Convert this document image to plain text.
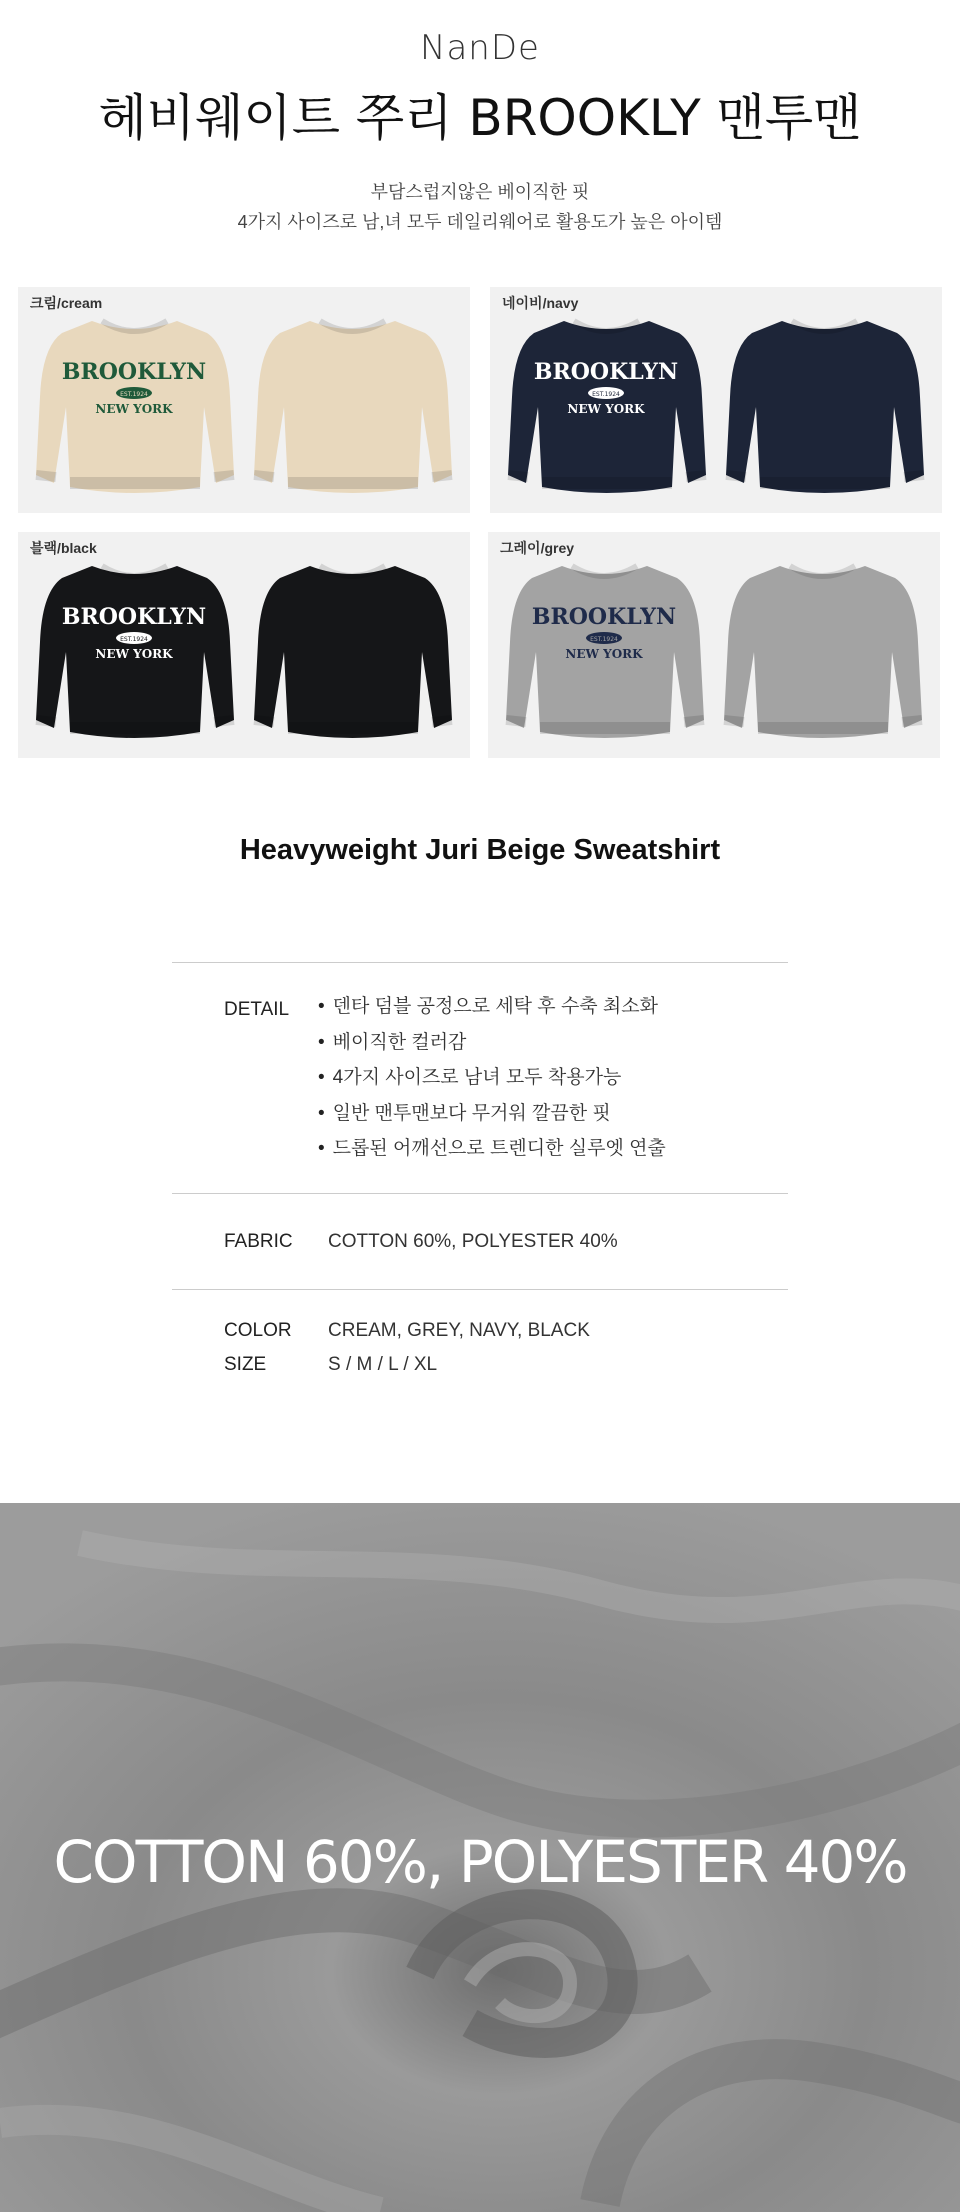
NanDe
헤비웨이트 쭈리 BROOKLY 맨투맨
부담스럽지않은 베이직한 핏
4가지 사이즈로 남,녀 모두 데일리웨어로 활용도가 높은 아이템
크림/cream
BROOKLYN
EST.1924
NEW YORK
네이비/navy
BROOKLYN
EST.1924
NEW YORK
블랙/black
BROOKLYN
EST.1924
NEW YORK
그레이/grey
BROOKLYN
EST.1924
NEW YORK
Heavyweight Juri Beige Sweatshirt
DETAIL
•	덴타 덤블 공정으로 세탁 후 수축 최소화
• 베이직한 컬러감
• 4가지 사이즈로 남녀 모두 착용가능
• 일반 맨투맨보다 무거워 깔끔한 핏
• 드롭된 어깨선으로 트렌디한 실루엣 연출
FABRIC COTTON 60%, POLYESTER 40%
COLOR CREAM, GREY, NAVY, BLACK
SIZE	S / M / L / XL
COTTON 60%, POLYESTER 40%
